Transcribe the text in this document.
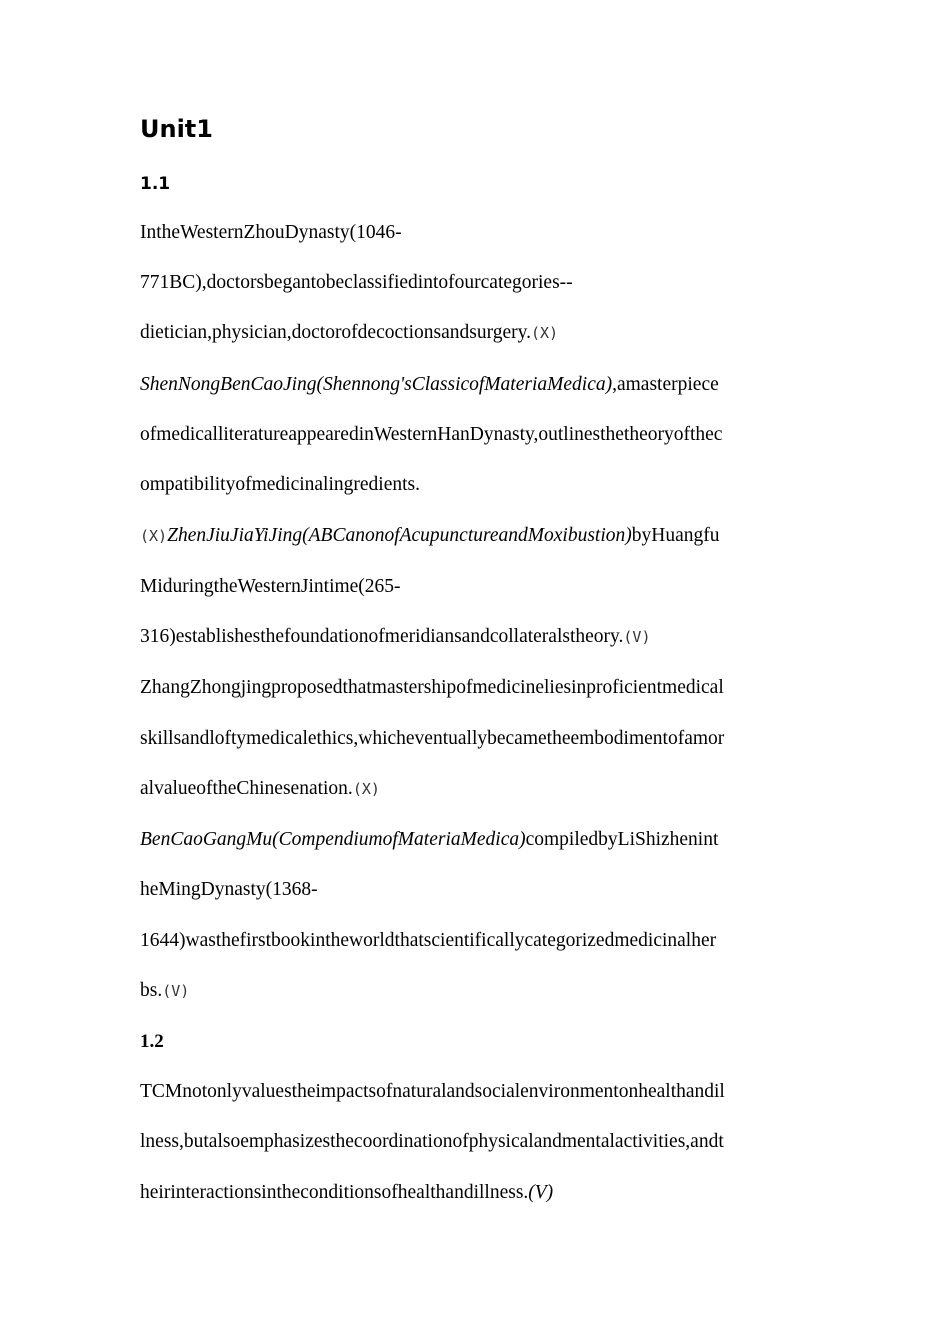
Unit1
1.1

IntheWesternZhouDynasty(1046-

771BC),doctorsbegantobeclassifiedintofourcategories--

dietician,physician,doctorofdecoctionsandsurgery.(X)

ShenNongBenCaoJing(Shennong'sClassicofMateriaMedica),amasterpiece

ofmedicalliteratureappearedinWesternHanDynasty,outlinesthetheoryofthec

ompatibilityofmedicinalingredients.

(X)ZhenJiuJiaYiJing(ABCanonofAcupunctureandMoxibustion)byHuangfu

MiduringtheWesternJintime(265-

316)establishesthefoundationofmeridiansandcollateralstheory.(V)

ZhangZhongjingproposedthatmastershipofmedicineliesinproficientmedical

skillsandloftymedicalethics,whicheventuallybecametheembodimentofamor

alvalueoftheChinesenation.(X)

BenCaoGangMu(CompendiumofMateriaMedica)compiledbyLiShizhenint

heMingDynasty(1368-

1644)wasthefirstbookintheworldthatscientificallycategorizedmedicinalher

bs.(V)

1.2

TCMnotonlyvaluestheimpactsofnaturalandsocialenvironmentonhealthandil

lness,butalsoemphasizesthecoordinationofphysicalandmentalactivities,andt

heirinteractionsintheconditionsofhealthandillness.(V)
